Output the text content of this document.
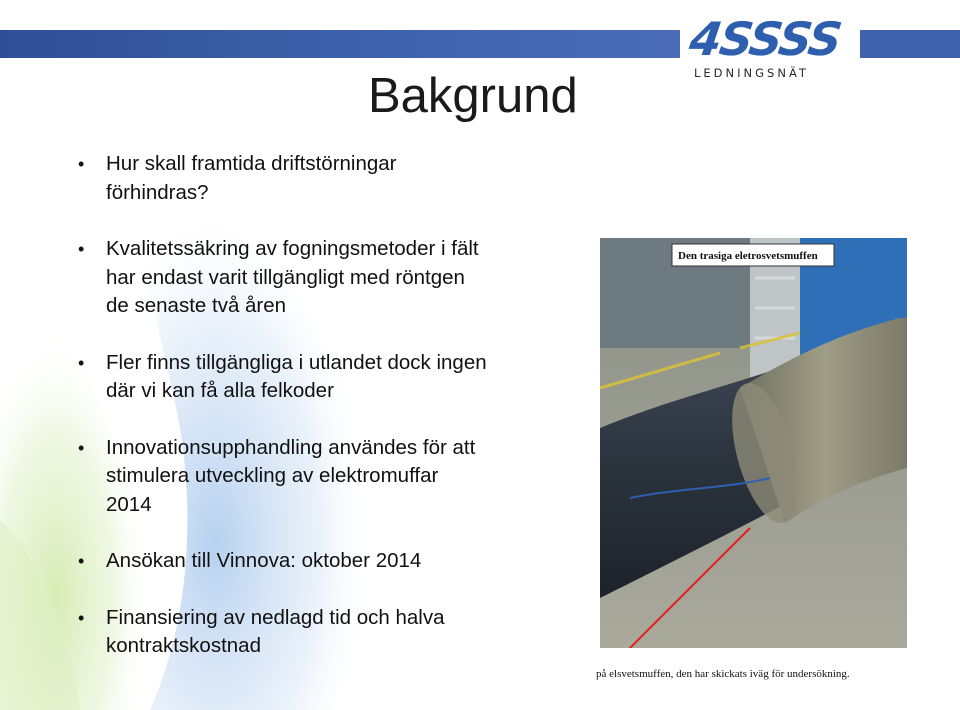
4SSSS
LEDNINGSNÄT
Bakgrund
• Hur skall framtida driftstörningar
förhindras?
• Kvalitetssäkring av fogningsmetoder i fält
har endast varit tillgängligt med röntgen
de senaste två åren
• Fler finns tillgängliga i utlandet dock ingen
där vi kan få alla felkoder
• Innovationsupphandling användes för att
stimulera utveckling av elektromuffar
2014
• Ansökan till Vinnova: oktober 2014
• Finansiering av nedlagd tid och halva
kontraktskostnad
Den trasiga eletrosvetsmuffen
på elsvetsmuffen, den har skickats iväg för undersökning.
